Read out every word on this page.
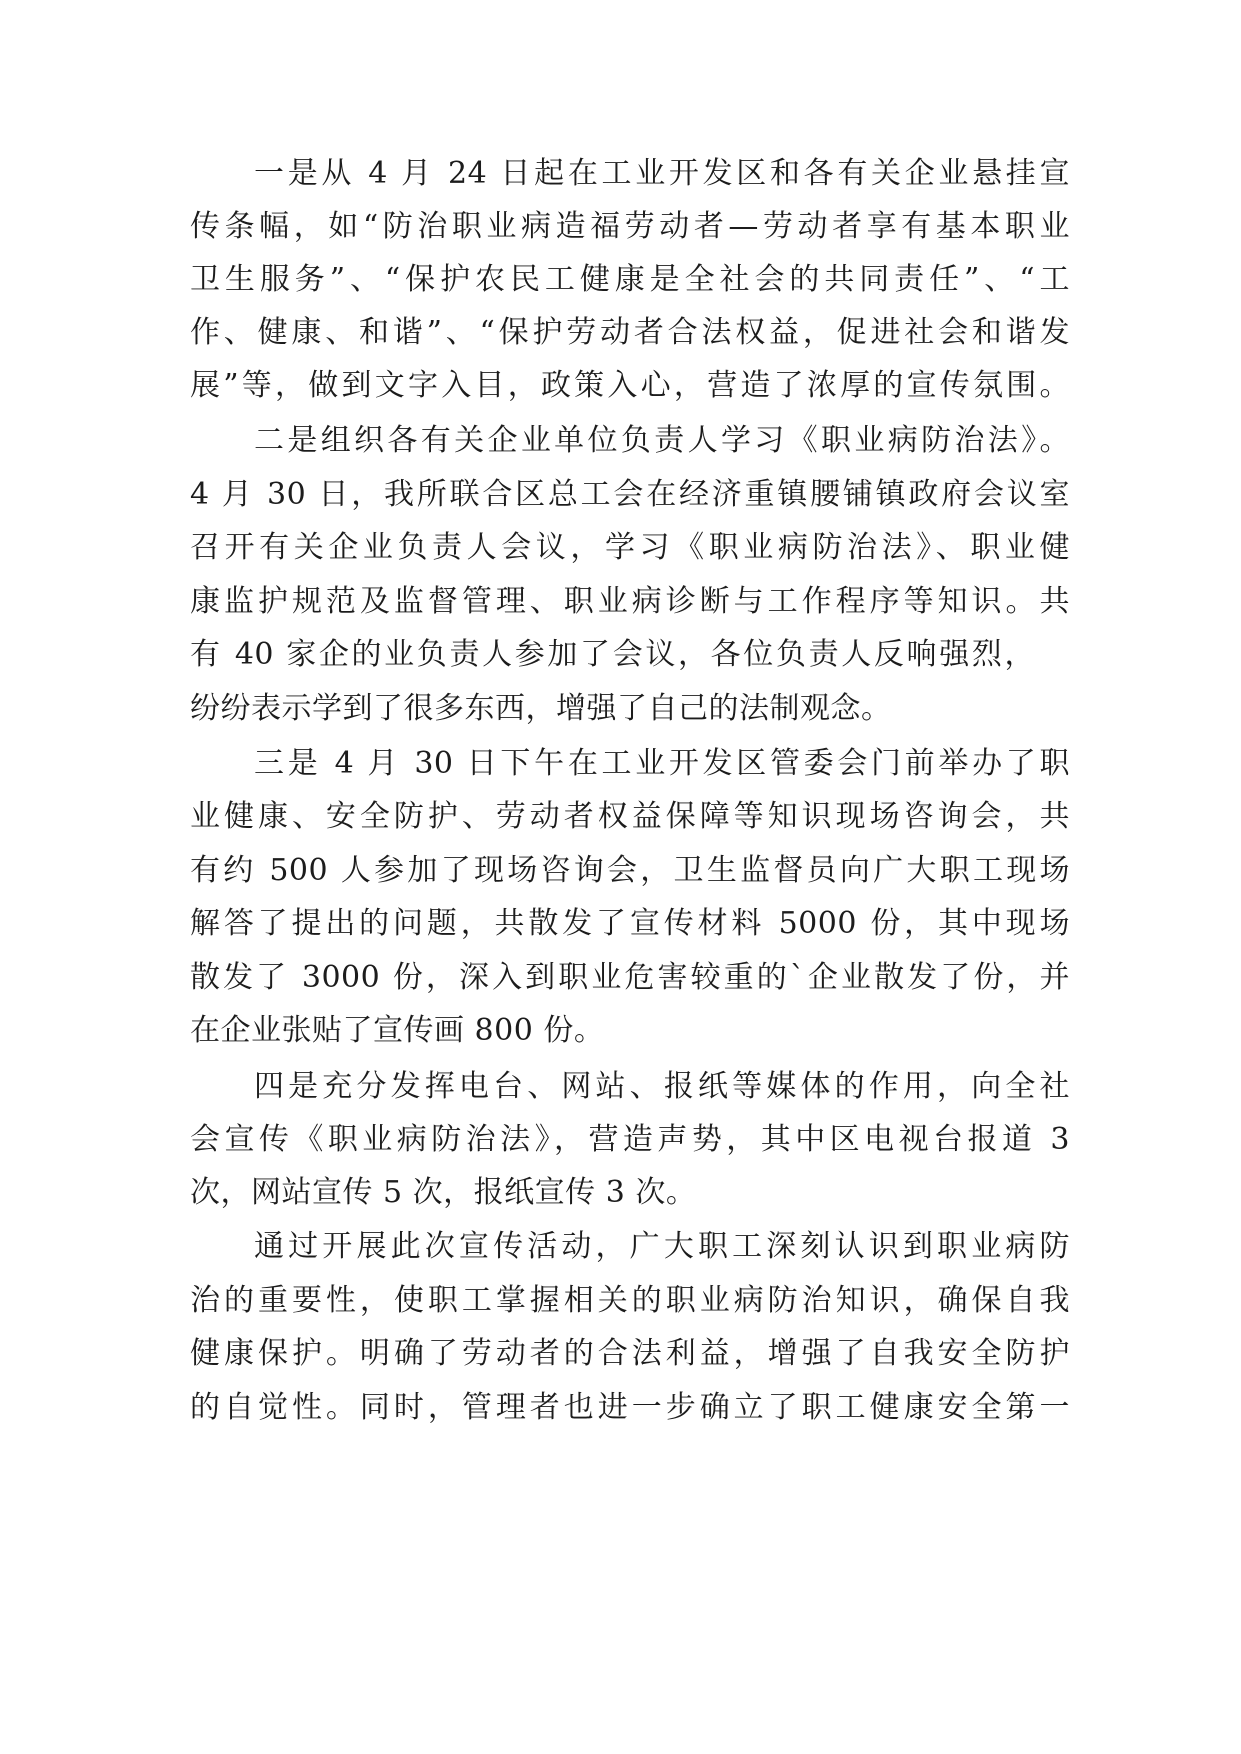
一是从 4 月 24 日起在工业开发区和各有关企业悬挂宣
传条幅，如“防治职业病造福劳动者—劳动者享有基本职业
卫生服务”、“保护农民工健康是全社会的共同责任”、“工
作、健康、和谐”、“保护劳动者合法权益，促进社会和谐发
展”等，做到文字入目，政策入心，营造了浓厚的宣传氛围。
二是组织各有关企业单位负责人学习《职业病防治法》。
4 月 30 日，我所联合区总工会在经济重镇腰铺镇政府会议室
召开有关企业负责人会议，学习《职业病防治法》、职业健
康监护规范及监督管理、职业病诊断与工作程序等知识。共
有 40 家企的业负责人参加了会议，各位负责人反响强烈，
纷纷表示学到了很多东西，增强了自己的法制观念。
三是 4 月 30 日下午在工业开发区管委会门前举办了职
业健康、安全防护、劳动者权益保障等知识现场咨询会，共
有约 500 人参加了现场咨询会，卫生监督员向广大职工现场
解答了提出的问题，共散发了宣传材料 5000 份，其中现场
散发了 3000 份，深入到职业危害较重的`企业散发了份，并
在企业张贴了宣传画 800 份。
四是充分发挥电台、网站、报纸等媒体的作用，向全社
会宣传《职业病防治法》，营造声势，其中区电视台报道 3
次，网站宣传 5 次，报纸宣传 3 次。
通过开展此次宣传活动，广大职工深刻认识到职业病防
治的重要性，使职工掌握相关的职业病防治知识，确保自我
健康保护。明确了劳动者的合法利益，增强了自我安全防护
的自觉性。同时，管理者也进一步确立了职工健康安全第一
